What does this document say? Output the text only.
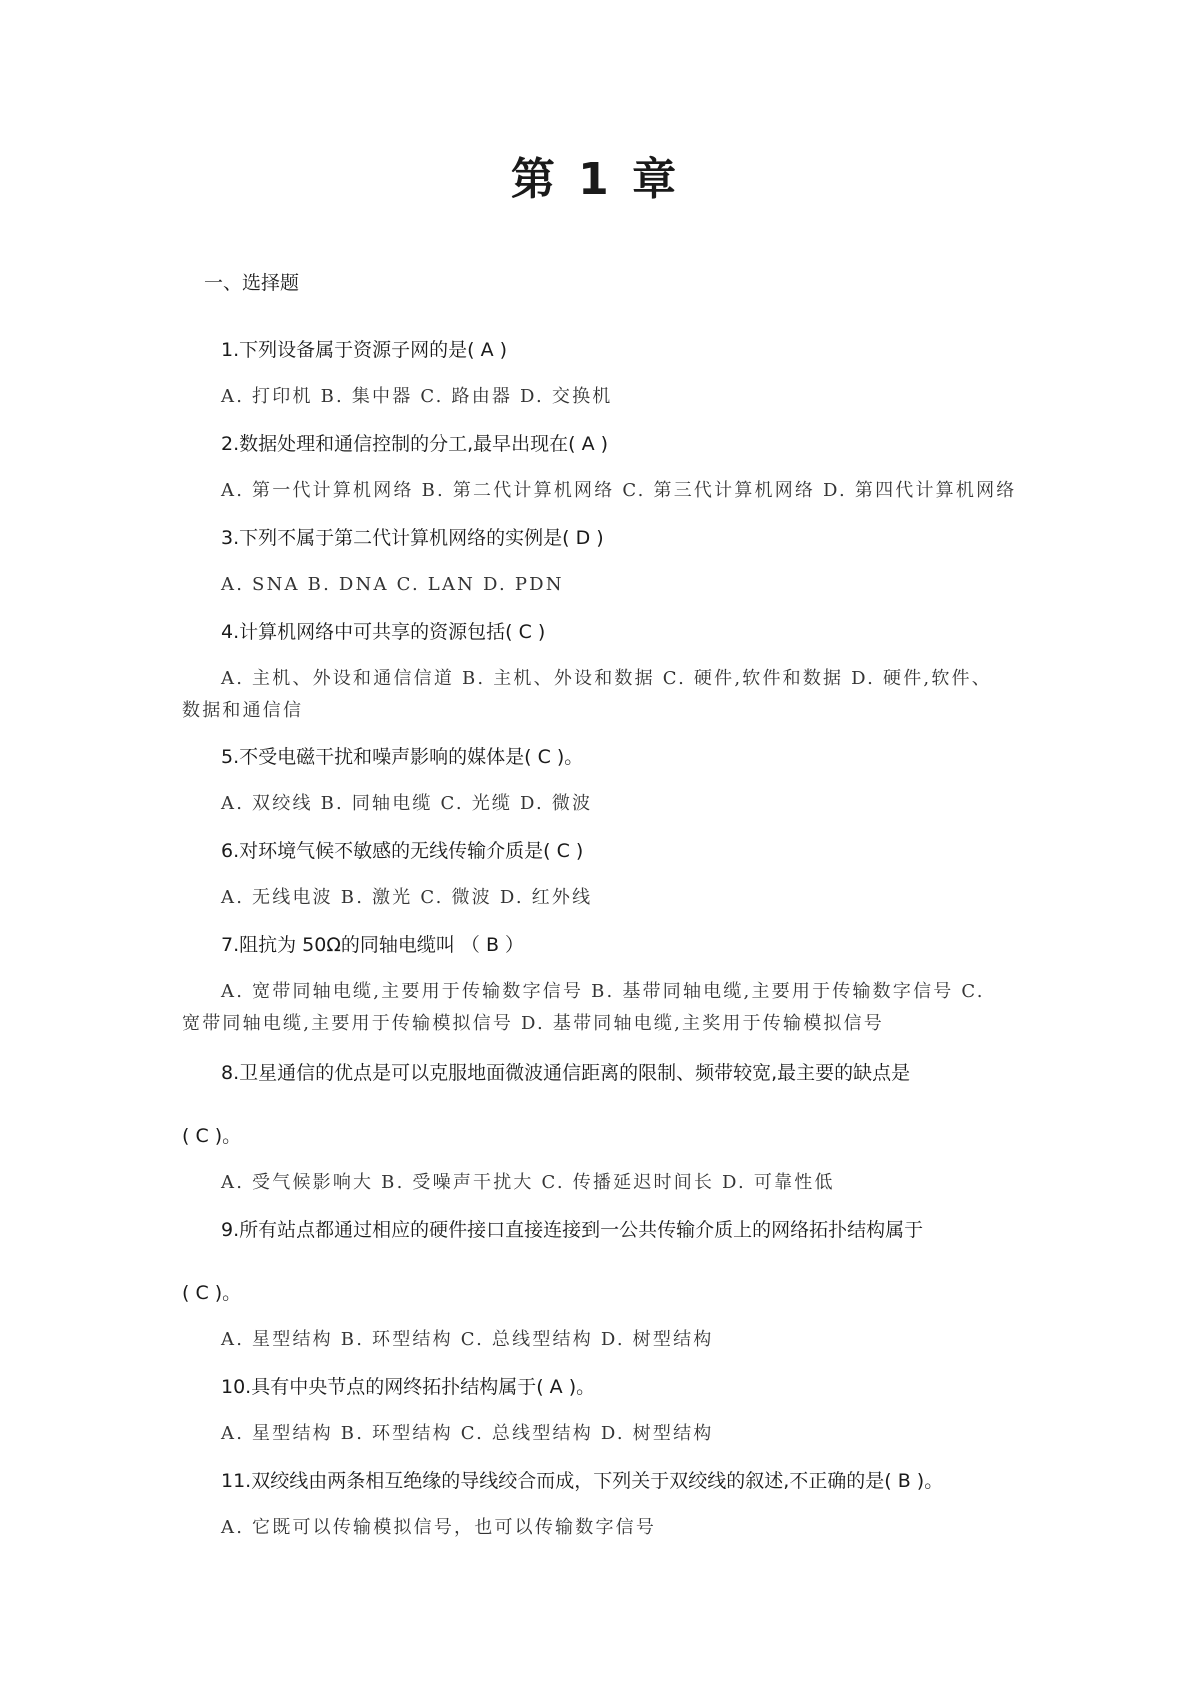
第 1 章
一、选择题
1.下列设备属于资源子网的是( A )
A. 打印机 B. 集中器 C. 路由器 D. 交换机
2.数据处理和通信控制的分工,最早出现在( A )
A. 第一代计算机网络 B. 第二代计算机网络 C. 第三代计算机网络 D. 第四代计算机网络
3.下列不属于第二代计算机网络的实例是( D )
A. SNA B. DNA C. LAN D. PDN
4.计算机网络中可共享的资源包括( C )
A. 主机、外设和通信信道 B. 主机、外设和数据 C. 硬件,软件和数据 D. 硬件,软件、数据和通信信
5.不受电磁干扰和噪声影响的媒体是( C )。
A. 双绞线 B. 同轴电缆 C. 光缆 D. 微波
6.对环境气候不敏感的无线传输介质是( C )
A. 无线电波 B. 激光 C. 微波 D. 红外线
7.阻抗为 50Ω的同轴电缆叫 （ B ）
A. 宽带同轴电缆,主要用于传输数字信号 B. 基带同轴电缆,主要用于传输数字信号 C. 宽带同轴电缆,主要用于传输模拟信号 D. 基带同轴电缆,主奖用于传输模拟信号
8.卫星通信的优点是可以克服地面微波通信距离的限制、频带较宽,最主要的缺点是
( C )。
A. 受气候影响大 B. 受噪声干扰大 C. 传播延迟时间长 D. 可靠性低
9.所有站点都通过相应的硬件接口直接连接到一公共传输介质上的网络拓扑结构属于
( C )。
A. 星型结构 B. 环型结构 C. 总线型结构 D. 树型结构
10.具有中央节点的网终拓扑结构属于( A )。
A. 星型结构 B. 环型结构 C. 总线型结构 D. 树型结构
11.双绞线由两条相互绝缘的导线绞合而成，下列关于双绞线的叙述,不正确的是( B )。
A. 它既可以传输模拟信号，也可以传输数字信号
